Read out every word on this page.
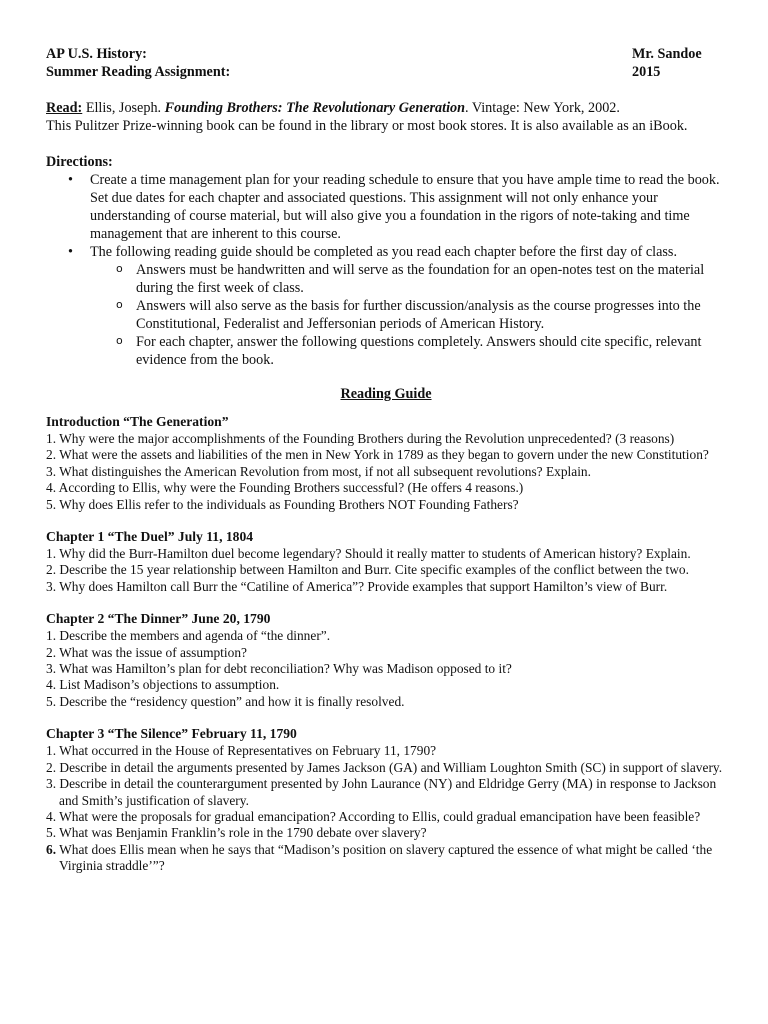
AP U.S. History:	Mr. Sandoe
Summer Reading Assignment:	2015
Read: Ellis, Joseph. Founding Brothers: The Revolutionary Generation. Vintage: New York, 2002.
This Pulitzer Prize-winning book can be found in the library or most book stores. It is also available as an iBook.
Directions:
• Create a time management plan for your reading schedule to ensure that you have ample time to read the book. Set due dates for each chapter and associated questions. This assignment will not only enhance your understanding of course material, but will also give you a foundation in the rigors of note-taking and time management that are inherent to this course.
• The following reading guide should be completed as you read each chapter before the first day of class.
o Answers must be handwritten and will serve as the foundation for an open-notes test on the material during the first week of class.
o Answers will also serve as the basis for further discussion/analysis as the course progresses into the Constitutional, Federalist and Jeffersonian periods of American History.
o For each chapter, answer the following questions completely. Answers should cite specific, relevant evidence from the book.
Reading Guide
Introduction “The Generation”
1. Why were the major accomplishments of the Founding Brothers during the Revolution unprecedented? (3 reasons)
2. What were the assets and liabilities of the men in New York in 1789 as they began to govern under the new Constitution?
3. What distinguishes the American Revolution from most, if not all subsequent revolutions? Explain.
4. According to Ellis, why were the Founding Brothers successful? (He offers 4 reasons.)
5. Why does Ellis refer to the individuals as Founding Brothers NOT Founding Fathers?
Chapter 1 “The Duel” July 11, 1804
1. Why did the Burr-Hamilton duel become legendary? Should it really matter to students of American history? Explain.
2. Describe the 15 year relationship between Hamilton and Burr. Cite specific examples of the conflict between the two.
3. Why does Hamilton call Burr the “Catiline of America”? Provide examples that support Hamilton’s view of Burr.
Chapter 2 “The Dinner” June 20, 1790
1. Describe the members and agenda of “the dinner”.
2. What was the issue of assumption?
3. What was Hamilton’s plan for debt reconciliation? Why was Madison opposed to it?
4. List Madison’s objections to assumption.
5. Describe the “residency question” and how it is finally resolved.
Chapter 3 “The Silence” February 11, 1790
1. What occurred in the House of Representatives on February 11, 1790?
2. Describe in detail the arguments presented by James Jackson (GA) and William Loughton Smith (SC) in support of slavery.
3. Describe in detail the counterargument presented by John Laurance (NY) and Eldridge Gerry (MA) in response to Jackson and Smith’s justification of slavery.
4. What were the proposals for gradual emancipation? According to Ellis, could gradual emancipation have been feasible?
5. What was Benjamin Franklin’s role in the 1790 debate over slavery?
6. What does Ellis mean when he says that “Madison’s position on slavery captured the essence of what might be called ‘the Virginia straddle’”?
